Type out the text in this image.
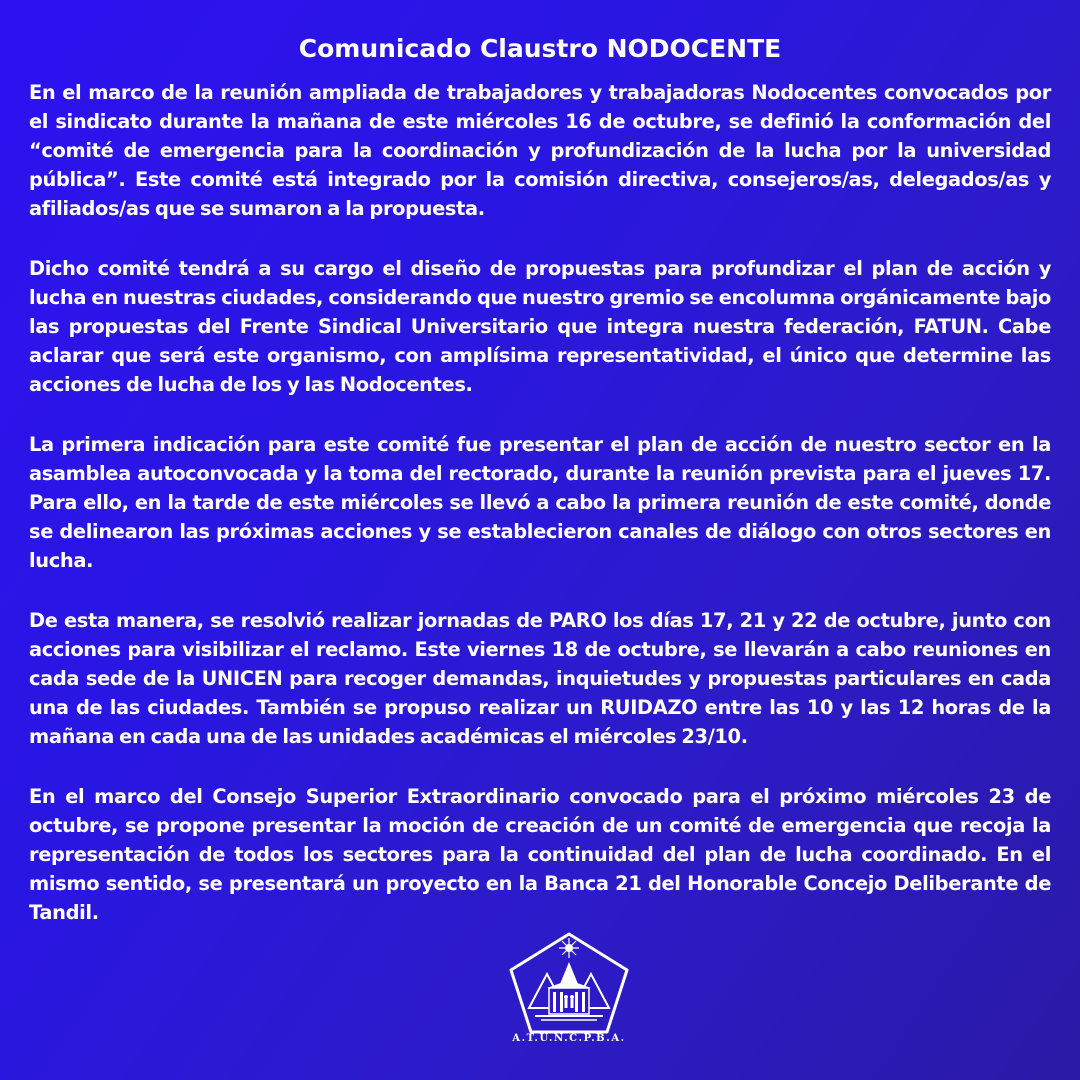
Comunicado Claustro NODOCENTE

En el marco de la reunión ampliada de trabajadores y trabajadoras Nodocentes convocados por el sindicato durante la mañana de este miércoles 16 de octubre, se definió la conformación del “comité de emergencia para la coordinación y profundización de la lucha por la universidad pública”. Este comité está integrado por la comisión directiva, consejeros/as, delegados/as y afiliados/as que se sumaron a la propuesta.

Dicho comité tendrá a su cargo el diseño de propuestas para profundizar el plan de acción y lucha en nuestras ciudades, considerando que nuestro gremio se encolumna orgánicamente bajo las propuestas del Frente Sindical Universitario que integra nuestra federación, FATUN. Cabe aclarar que será este organismo, con amplísima representatividad, el único que determine las acciones de lucha de los y las Nodocentes.

La primera indicación para este comité fue presentar el plan de acción de nuestro sector en la asamblea autoconvocada y la toma del rectorado, durante la reunión prevista para el jueves 17. Para ello, en la tarde de este miércoles se llevó a cabo la primera reunión de este comité, donde se delinearon las próximas acciones y se establecieron canales de diálogo con otros sectores en lucha.

De esta manera, se resolvió realizar jornadas de PARO los días 17, 21 y 22 de octubre, junto con acciones para visibilizar el reclamo. Este viernes 18 de octubre, se llevarán a cabo reuniones en cada sede de la UNICEN para recoger demandas, inquietudes y propuestas particulares en cada una de las ciudades. También se propuso realizar un RUIDAZO entre las 10 y las 12 horas de la mañana en cada una de las unidades académicas el miércoles 23/10.

En el marco del Consejo Superior Extraordinario convocado para el próximo miércoles 23 de octubre, se propone presentar la moción de creación de un comité de emergencia que recoja la representación de todos los sectores para la continuidad del plan de lucha coordinado. En el mismo sentido, se presentará un proyecto en la Banca 21 del Honorable Concejo Deliberante de Tandil.

A.T.U.N.C.P.B.A.
